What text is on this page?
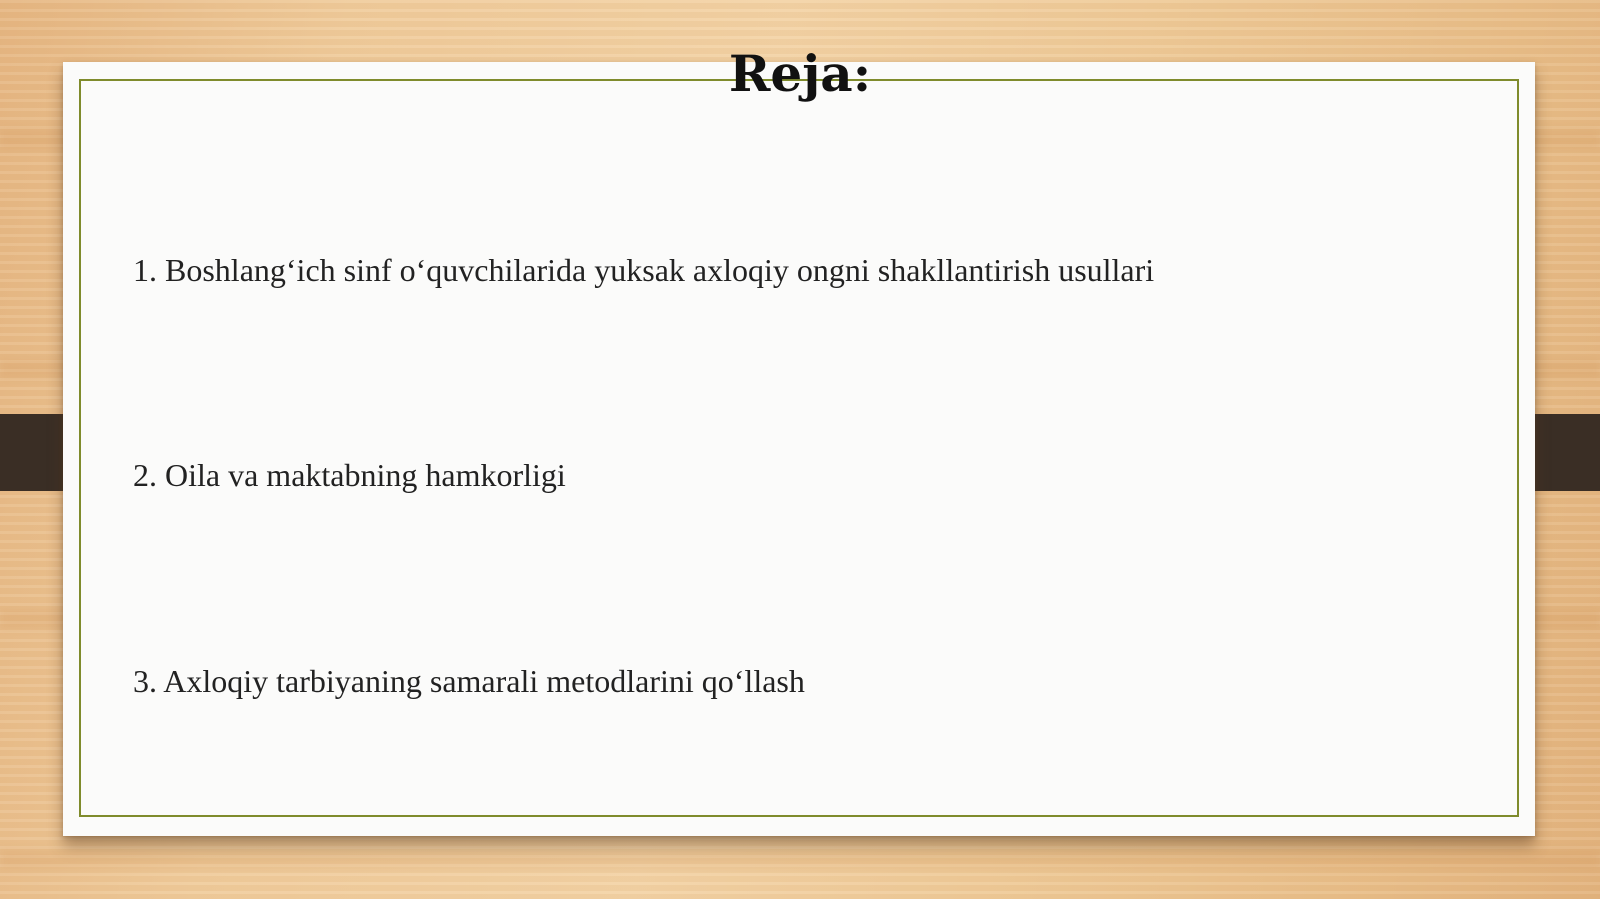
Reja:
1. Boshlang‘ich sinf o‘quvchilarida yuksak axloqiy ongni shakllantirish usullari
2. Oila va maktabning hamkorligi
3. Axloqiy tarbiyaning samarali metodlarini qo‘llash
